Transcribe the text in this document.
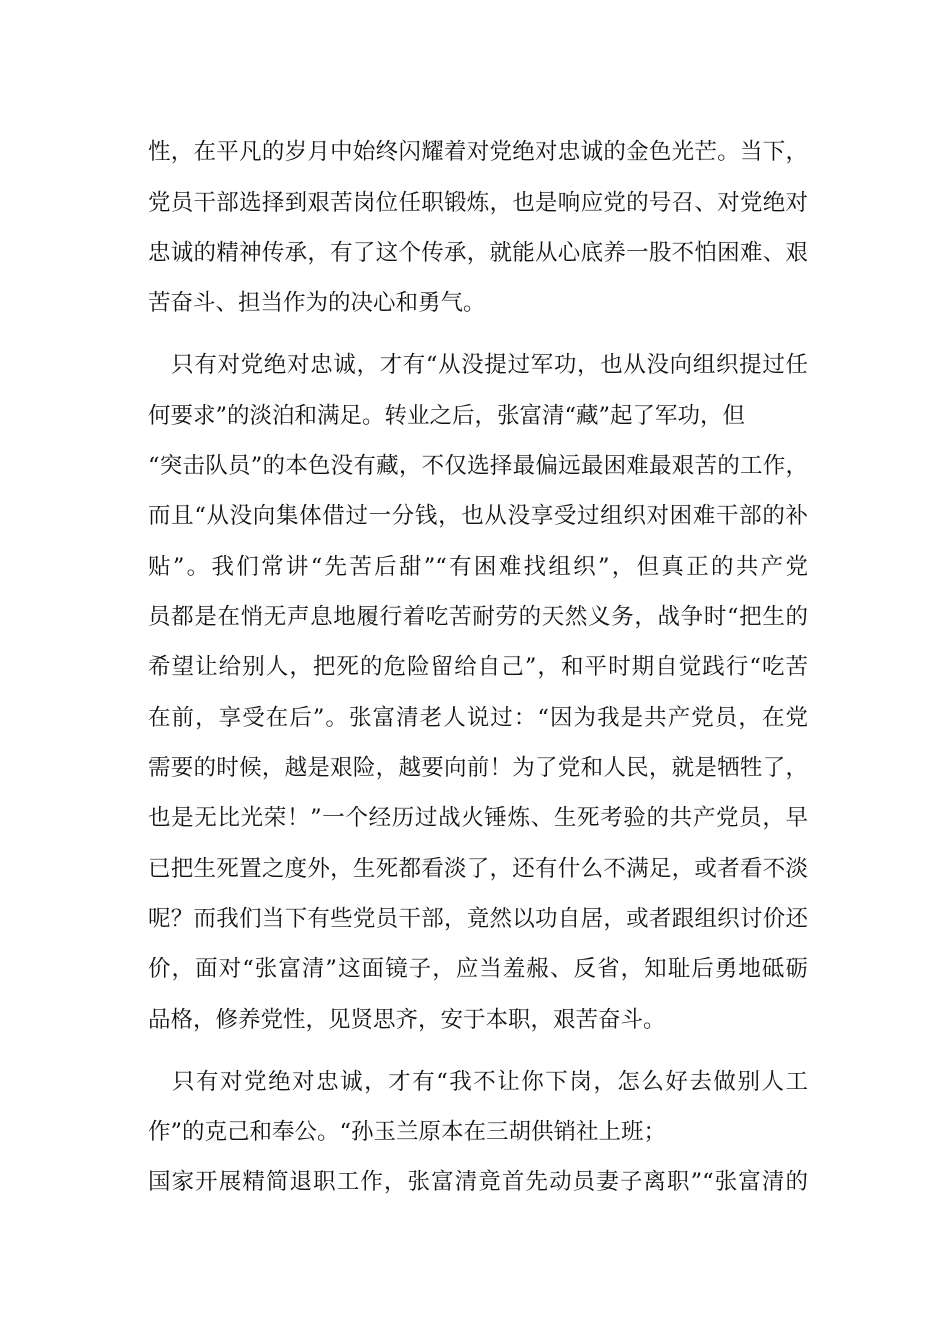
性，在平凡的岁月中始终闪耀着对党绝对忠诚的金色光芒。当下，
党员干部选择到艰苦岗位任职锻炼，也是响应党的号召、对党绝对
忠诚的精神传承，有了这个传承，就能从心底养一股不怕困难、艰
苦奋斗、担当作为的决心和勇气。
　只有对党绝对忠诚，才有“从没提过军功，也从没向组织提过任
何要求”的淡泊和满足。转业之后，张富清“藏”起了军功，但
“突击队员”的本色没有藏，不仅选择最偏远最困难最艰苦的工作，
而且“从没向集体借过一分钱，也从没享受过组织对困难干部的补
贴”。我们常讲“先苦后甜”“有困难找组织”，但真正的共产党
员都是在悄无声息地履行着吃苦耐劳的天然义务，战争时“把生的
希望让给别人，把死的危险留给自己”，和平时期自觉践行“吃苦
在前，享受在后”。张富清老人说过：“因为我是共产党员，在党
需要的时候，越是艰险，越要向前！为了党和人民，就是牺牲了，
也是无比光荣！”一个经历过战火锤炼、生死考验的共产党员，早
已把生死置之度外，生死都看淡了，还有什么不满足，或者看不淡
呢？而我们当下有些党员干部，竟然以功自居，或者跟组织讨价还
价，面对“张富清”这面镜子，应当羞赧、反省，知耻后勇地砥砺
品格，修养党性，见贤思齐，安于本职，艰苦奋斗。
　只有对党绝对忠诚，才有“我不让你下岗，怎么好去做别人工
作”的克己和奉公。“孙玉兰原本在三胡供销社上班；
国家开展精简退职工作，张富清竟首先动员妻子离职”“张富清的
